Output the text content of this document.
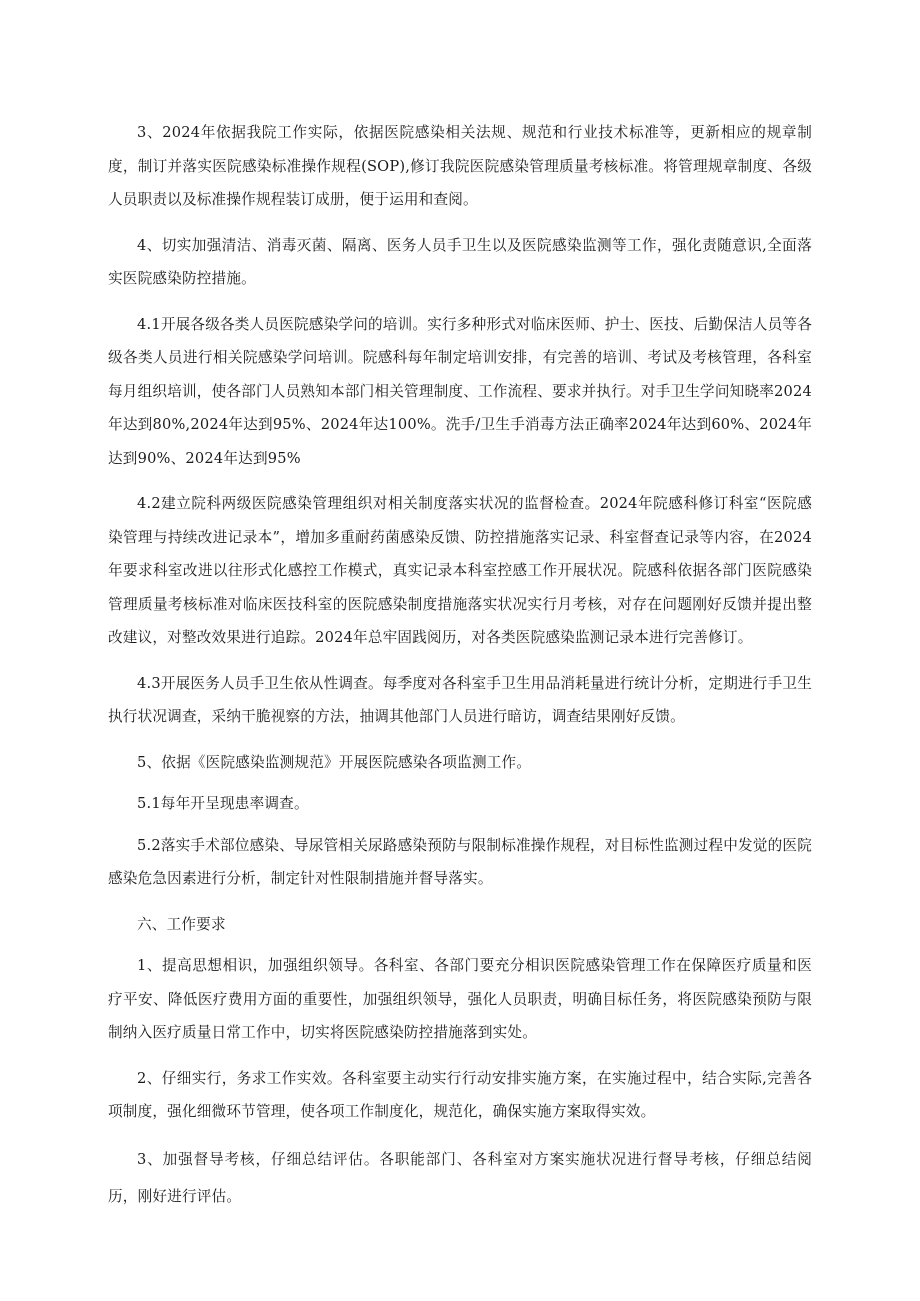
3、2024年依据我院工作实际，依据医院感染相关法规、规范和行业技术标准等，更新相应的规章制度，制订并落实医院感染标准操作规程(SOP),修订我院医院感染管理质量考核标准。将管理规章制度、各级人员职责以及标准操作规程装订成册，便于运用和查阅。

4、切实加强清洁、消毒灭菌、隔离、医务人员手卫生以及医院感染监测等工作，强化责随意识,全面落实医院感染防控措施。

4.1开展各级各类人员医院感染学问的培训。实行多种形式对临床医师、护士、医技、后勤保洁人员等各级各类人员进行相关院感染学问培训。院感科每年制定培训安排，有完善的培训、考试及考核管理，各科室每月组织培训，使各部门人员熟知本部门相关管理制度、工作流程、要求并执行。对手卫生学问知晓率2024年达到80%,2024年达到95%、2024年达100%。洗手/卫生手消毒方法正确率2024年达到60%、2024年达到90%、2024年达到95%

4.2建立院科两级医院感染管理组织对相关制度落实状况的监督检查。2024年院感科修订科室“医院感染管理与持续改进记录本”，增加多重耐药菌感染反馈、防控措施落实记录、科室督查记录等内容，在2024年要求科室改进以往形式化感控工作模式，真实记录本科室控感工作开展状况。院感科依据各部门医院感染管理质量考核标准对临床医技科室的医院感染制度措施落实状况实行月考核，对存在问题刚好反馈并提出整改建议，对整改效果进行追踪。2024年总牢固践阅历，对各类医院感染监测记录本进行完善修订。

4.3开展医务人员手卫生依从性调查。每季度对各科室手卫生用品消耗量进行统计分析，定期进行手卫生执行状况调查，采纳干脆视察的方法，抽调其他部门人员进行暗访，调查结果刚好反馈。

5、依据《医院感染监测规范》开展医院感染各项监测工作。

5.1每年开呈现患率调查。

5.2落实手术部位感染、导尿管相关尿路感染预防与限制标准操作规程，对目标性监测过程中发觉的医院感染危急因素进行分析，制定针对性限制措施并督导落实。

六、工作要求

1、提高思想相识，加强组织领导。各科室、各部门要充分相识医院感染管理工作在保障医疗质量和医疗平安、降低医疗费用方面的重要性，加强组织领导，强化人员职责，明确目标任务，将医院感染预防与限制纳入医疗质量日常工作中，切实将医院感染防控措施落到实处。

2、仔细实行，务求工作实效。各科室要主动实行行动安排实施方案，在实施过程中，结合实际,完善各项制度，强化细微环节管理，使各项工作制度化，规范化，确保实施方案取得实效。

3、加强督导考核，仔细总结评估。各职能部门、各科室对方案实施状况进行督导考核，仔细总结阅历，刚好进行评估。
